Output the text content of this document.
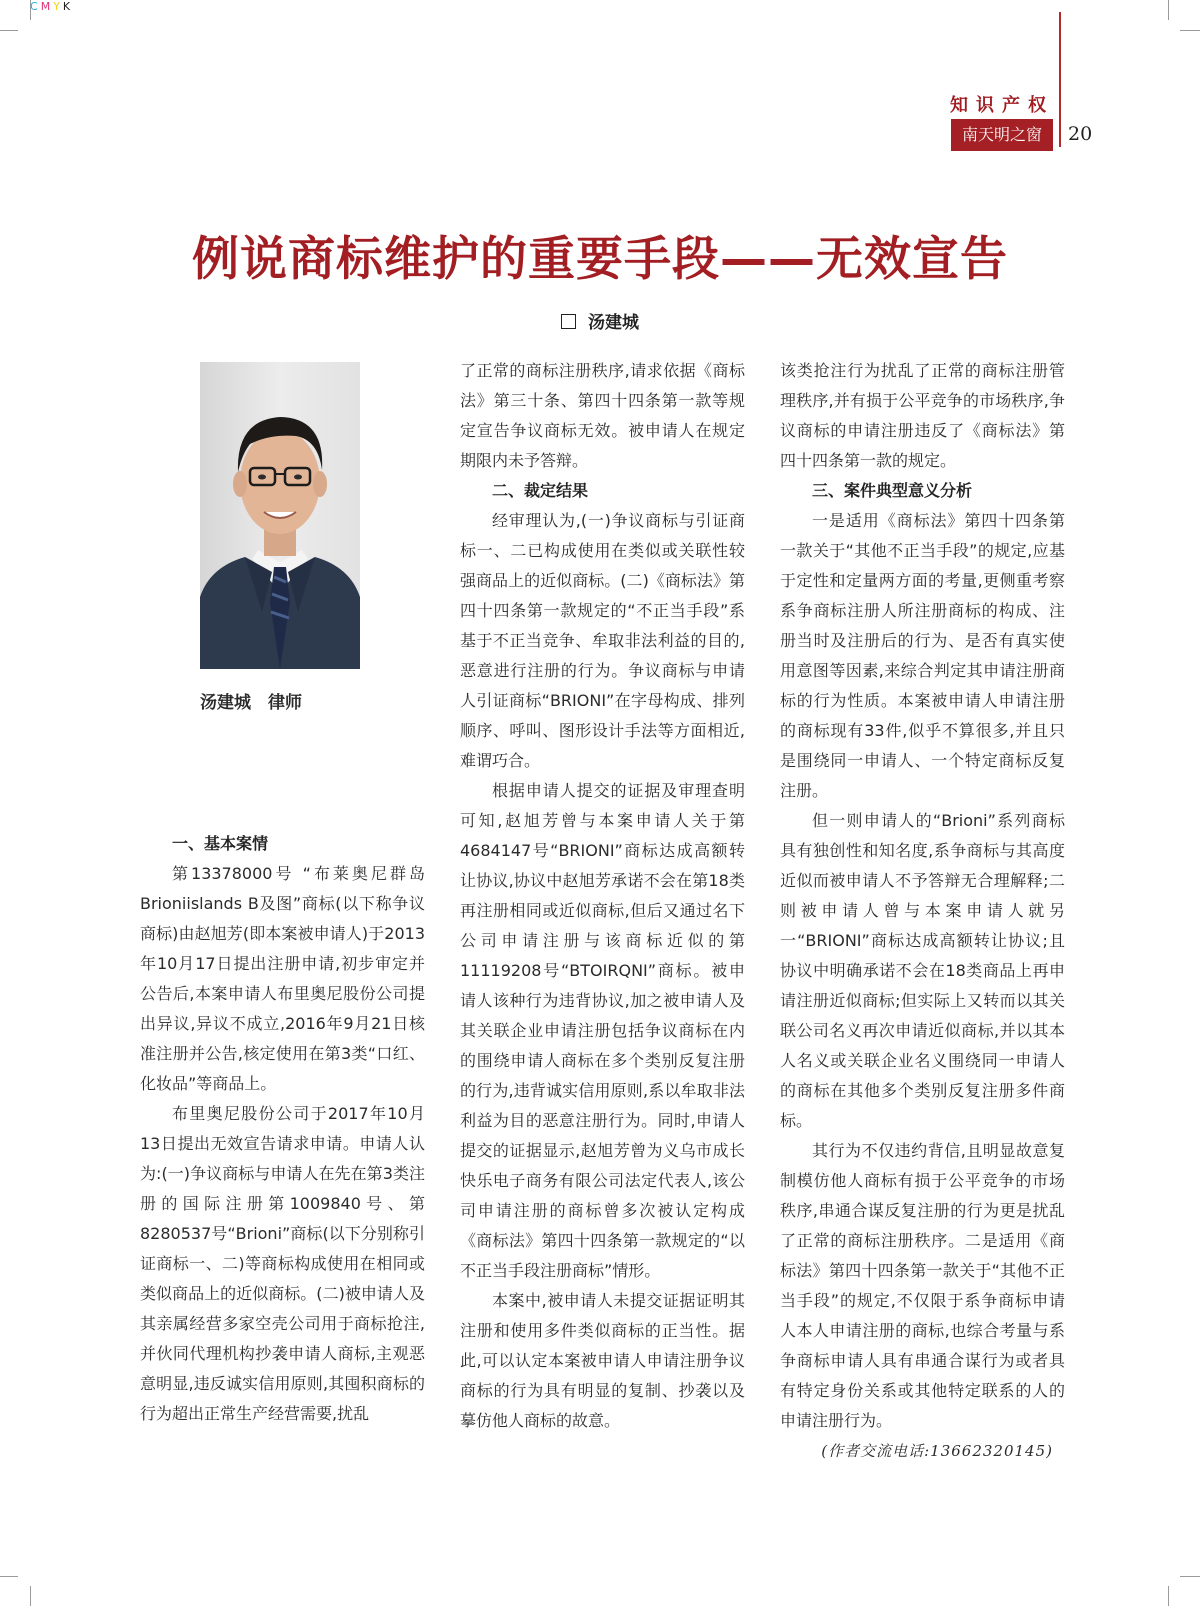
CMYK
知识产权
南天明之窗	20
例说商标维护的重要手段——无效宣告
汤建城
汤建城　律师
一、基本案情

第13378000号 “布莱奥尼群岛Brioniislands B及图”商标(以下称争议商标)由赵旭芳(即本案被申请人)于2013年10月17日提出注册申请,初步审定并公告后,本案申请人布里奥尼股份公司提出异议,异议不成立,2016年9月21日核准注册并公告,核定使用在第3类“口红、化妆品”等商品上。

布里奥尼股份公司于2017年10月13日提出无效宣告请求申请。申请人认为:(一)争议商标与申请人在先在第3类注册的国际注册第1009840号、第8280537号“Brioni”商标(以下分别称引证商标一、二)等商标构成使用在相同或类似商品上的近似商标。(二)被申请人及其亲属经营多家空壳公司用于商标抢注,并伙同代理机构抄袭申请人商标,主观恶意明显,违反诚实信用原则,其囤积商标的行为超出正常生产经营需要,扰乱

了正常的商标注册秩序,请求依据《商标法》第三十条、第四十四条第一款等规定宣告争议商标无效。被申请人在规定期限内未予答辩。

二、裁定结果

经审理认为,(一)争议商标与引证商标一、二已构成使用在类似或关联性较强商品上的近似商标。(二)《商标法》第四十四条第一款规定的“不正当手段”系基于不正当竞争、牟取非法利益的目的,恶意进行注册的行为。争议商标与申请人引证商标“BRIONI”在字母构成、排列顺序、呼叫、图形设计手法等方面相近,难谓巧合。

根据申请人提交的证据及审理查明可知,赵旭芳曾与本案申请人关于第4684147号“BRIONI”商标达成高额转让协议,协议中赵旭芳承诺不会在第18类再注册相同或近似商标,但后又通过名下公司申请注册与该商标近似的第11119208号“BTOIRQNI”商标。被申请人该种行为违背协议,加之被申请人及其关联企业申请注册包括争议商标在内的围绕申请人商标在多个类别反复注册的行为,违背诚实信用原则,系以牟取非法利益为目的恶意注册行为。同时,申请人提交的证据显示,赵旭芳曾为义乌市成长快乐电子商务有限公司法定代表人,该公司申请注册的商标曾多次被认定构成《商标法》第四十四条第一款规定的“以不正当手段注册商标”情形。

本案中,被申请人未提交证据证明其注册和使用多件类似商标的正当性。据此,可以认定本案被申请人申请注册争议商标的行为具有明显的复制、抄袭以及摹仿他人商标的故意。

该类抢注行为扰乱了正常的商标注册管理秩序,并有损于公平竞争的市场秩序,争议商标的申请注册违反了《商标法》第四十四条第一款的规定。

三、案件典型意义分析

一是适用《商标法》第四十四条第一款关于“其他不正当手段”的规定,应基于定性和定量两方面的考量,更侧重考察系争商标注册人所注册商标的构成、注册当时及注册后的行为、是否有真实使用意图等因素,来综合判定其申请注册商标的行为性质。本案被申请人申请注册的商标现有33件,似乎不算很多,并且只是围绕同一申请人、一个特定商标反复注册。

但一则申请人的“Brioni”系列商标具有独创性和知名度,系争商标与其高度近似而被申请人不予答辩无合理解释;二则被申请人曾与本案申请人就另一“BRIONI”商标达成高额转让协议;且协议中明确承诺不会在18类商品上再申请注册近似商标;但实际上又转而以其关联公司名义再次申请近似商标,并以其本人名义或关联企业名义围绕同一申请人的商标在其他多个类别反复注册多件商标。

其行为不仅违约背信,且明显故意复制模仿他人商标有损于公平竞争的市场秩序,串通合谋反复注册的行为更是扰乱了正常的商标注册秩序。二是适用《商标法》第四十四条第一款关于“其他不正当手段”的规定,不仅限于系争商标申请人本人申请注册的商标,也综合考量与系争商标申请人具有串通合谋行为或者具有特定身份关系或其他特定联系的人的申请注册行为。

(作者交流电话:13662320145)
